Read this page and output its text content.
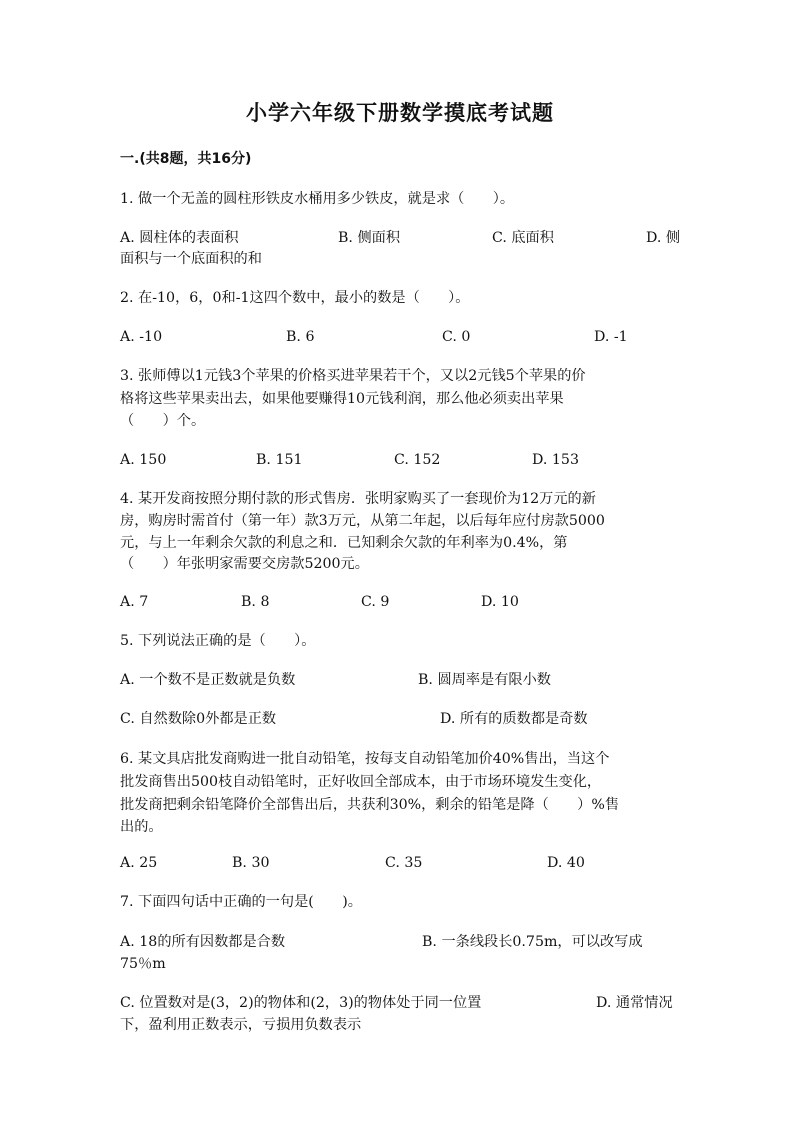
小学六年级下册数学摸底考试题
一.(共8题，共16分)
1. 做一个无盖的圆柱形铁皮水桶用多少铁皮，就是求（　　）。
A. 圆柱体的表面积	B. 侧面积	C. 底面积	D. 侧
面积与一个底面积的和
2. 在-10，6，0和-1这四个数中，最小的数是（　　）。
A. -10	B. 6	C. 0	D. -1
3. 张师傅以1元钱3个苹果的价格买进苹果若干个，又以2元钱5个苹果的价
格将这些苹果卖出去，如果他要赚得10元钱利润，那么他必须卖出苹果
（　　）个。
A. 150	B. 151	C. 152	D. 153
4. 某开发商按照分期付款的形式售房．张明家购买了一套现价为12万元的新
房，购房时需首付（第一年）款3万元，从第二年起，以后每年应付房款5000
元，与上一年剩余欠款的利息之和．已知剩余欠款的年利率为0.4%，第
（　　）年张明家需要交房款5200元。
A. 7	B. 8	C. 9	D. 10
5. 下列说法正确的是（　　）。
A. 一个数不是正数就是负数	B. 圆周率是有限小数
C. 自然数除0外都是正数	D. 所有的质数都是奇数
6. 某文具店批发商购进一批自动铅笔，按每支自动铅笔加价40%售出，当这个
批发商售出500枝自动铅笔时，正好收回全部成本，由于市场环境发生变化，
批发商把剩余铅笔降价全部售出后，共获利30%，剩余的铅笔是降（　　）%售
出的。
A. 25	B. 30	C. 35	D. 40
7. 下面四句话中正确的一句是(　　)。
A. 18的所有因数都是合数	B. 一条线段长0.75m，可以改写成
75％m
C. 位置数对是(3，2)的物体和(2，3)的物体处于同一位置	D. 通常情况
下，盈利用正数表示，亏损用负数表示
